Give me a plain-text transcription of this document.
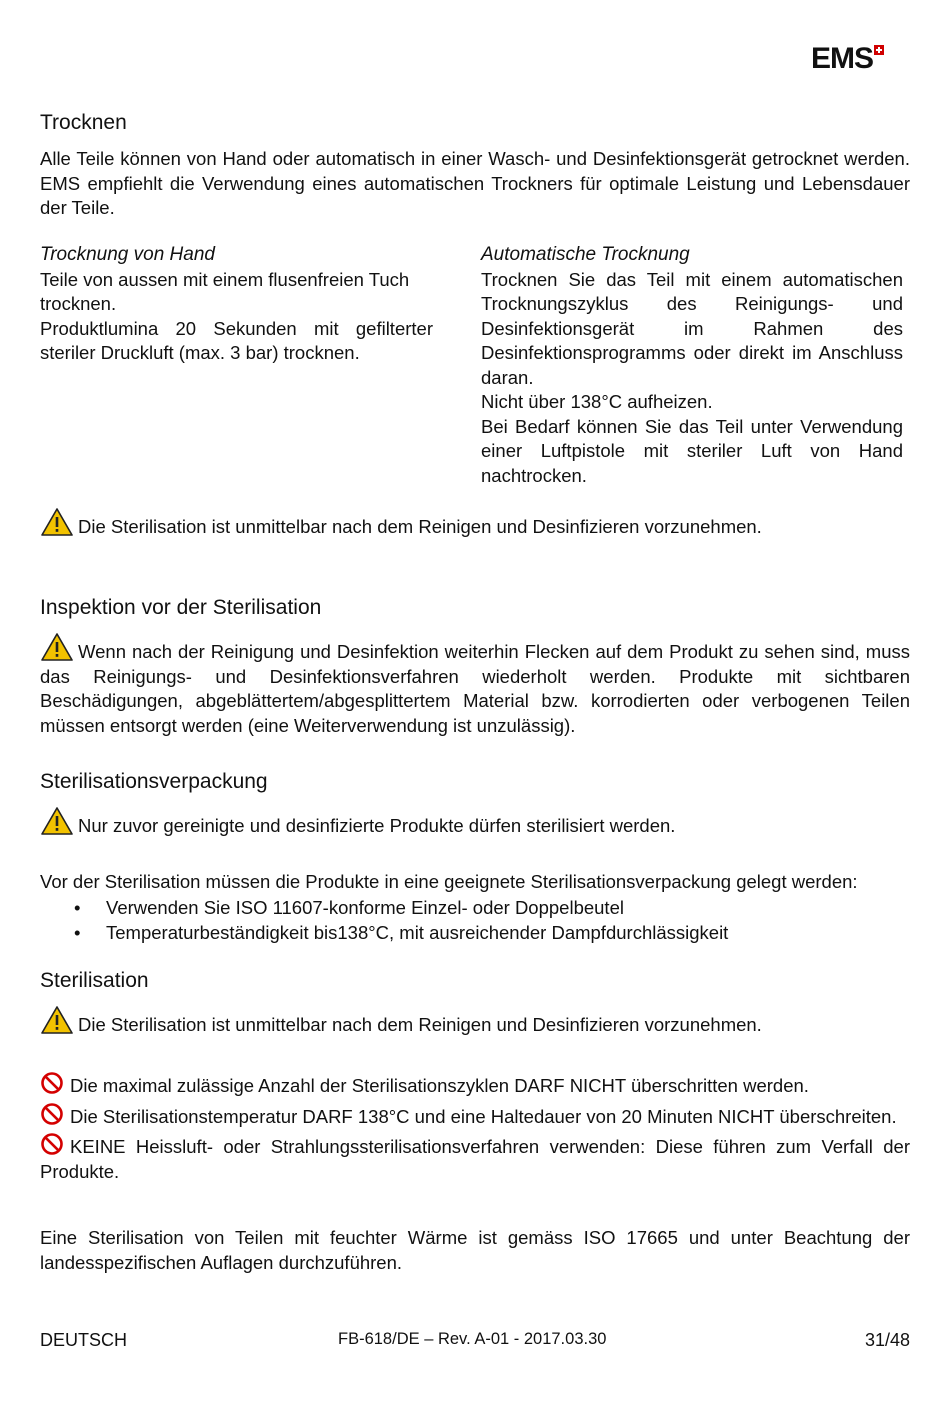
EMS
Trocknen
Alle Teile können von Hand oder automatisch in einer Wasch- und Desinfektionsgerät getrocknet werden. EMS empfiehlt die Verwendung eines automatischen Trockners für optimale Leistung und Lebensdauer der Teile.
Trocknung von Hand
Teile von aussen mit einem flusenfreien Tuch trocknen.
Produktlumina 20 Sekunden mit gefilterter steriler Druckluft (max. 3 bar) trocknen.
Automatische Trocknung
Trocknen Sie das Teil mit einem automatischen Trocknungszyklus des Reinigungs- und Desinfektionsgerät im Rahmen des Desinfektionsprogramms oder direkt im Anschluss daran.
Nicht über 138°C aufheizen.
Bei Bedarf können Sie das Teil unter Verwendung einer Luftpistole mit steriler Luft von Hand nachtrocken.
Die Sterilisation ist unmittelbar nach dem Reinigen und Desinfizieren vorzunehmen.
Inspektion vor der Sterilisation
Wenn nach der Reinigung und Desinfektion weiterhin Flecken auf dem Produkt zu sehen sind, muss das Reinigungs- und Desinfektionsverfahren wiederholt werden. Produkte mit sichtbaren Beschädigungen, abgeblättertem/abgesplittertem Material bzw. korrodierten oder verbogenen Teilen müssen entsorgt werden (eine Weiterverwendung ist unzulässig).
Sterilisationsverpackung
Nur zuvor gereinigte und desinfizierte Produkte dürfen sterilisiert werden.
Vor der Sterilisation müssen die Produkte in eine geeignete Sterilisationsverpackung gelegt werden:
• Verwenden Sie ISO 11607-konforme Einzel- oder Doppelbeutel
• Temperaturbeständigkeit bis138°C, mit ausreichender Dampfdurchlässigkeit
Sterilisation
Die Sterilisation ist unmittelbar nach dem Reinigen und Desinfizieren vorzunehmen.
Die maximal zulässige Anzahl der Sterilisationszyklen DARF NICHT überschritten werden.
Die Sterilisationstemperatur DARF 138°C und eine Haltedauer von 20 Minuten NICHT überschreiten.
KEINE Heissluft- oder Strahlungssterilisationsverfahren verwenden: Diese führen zum Verfall der Produkte.
Eine Sterilisation von Teilen mit feuchter Wärme ist gemäss ISO 17665 und unter Beachtung der landesspezifischen Auflagen durchzuführen.
DEUTSCH	FB-618/DE – Rev. A-01 - 2017.03.30	31/48
